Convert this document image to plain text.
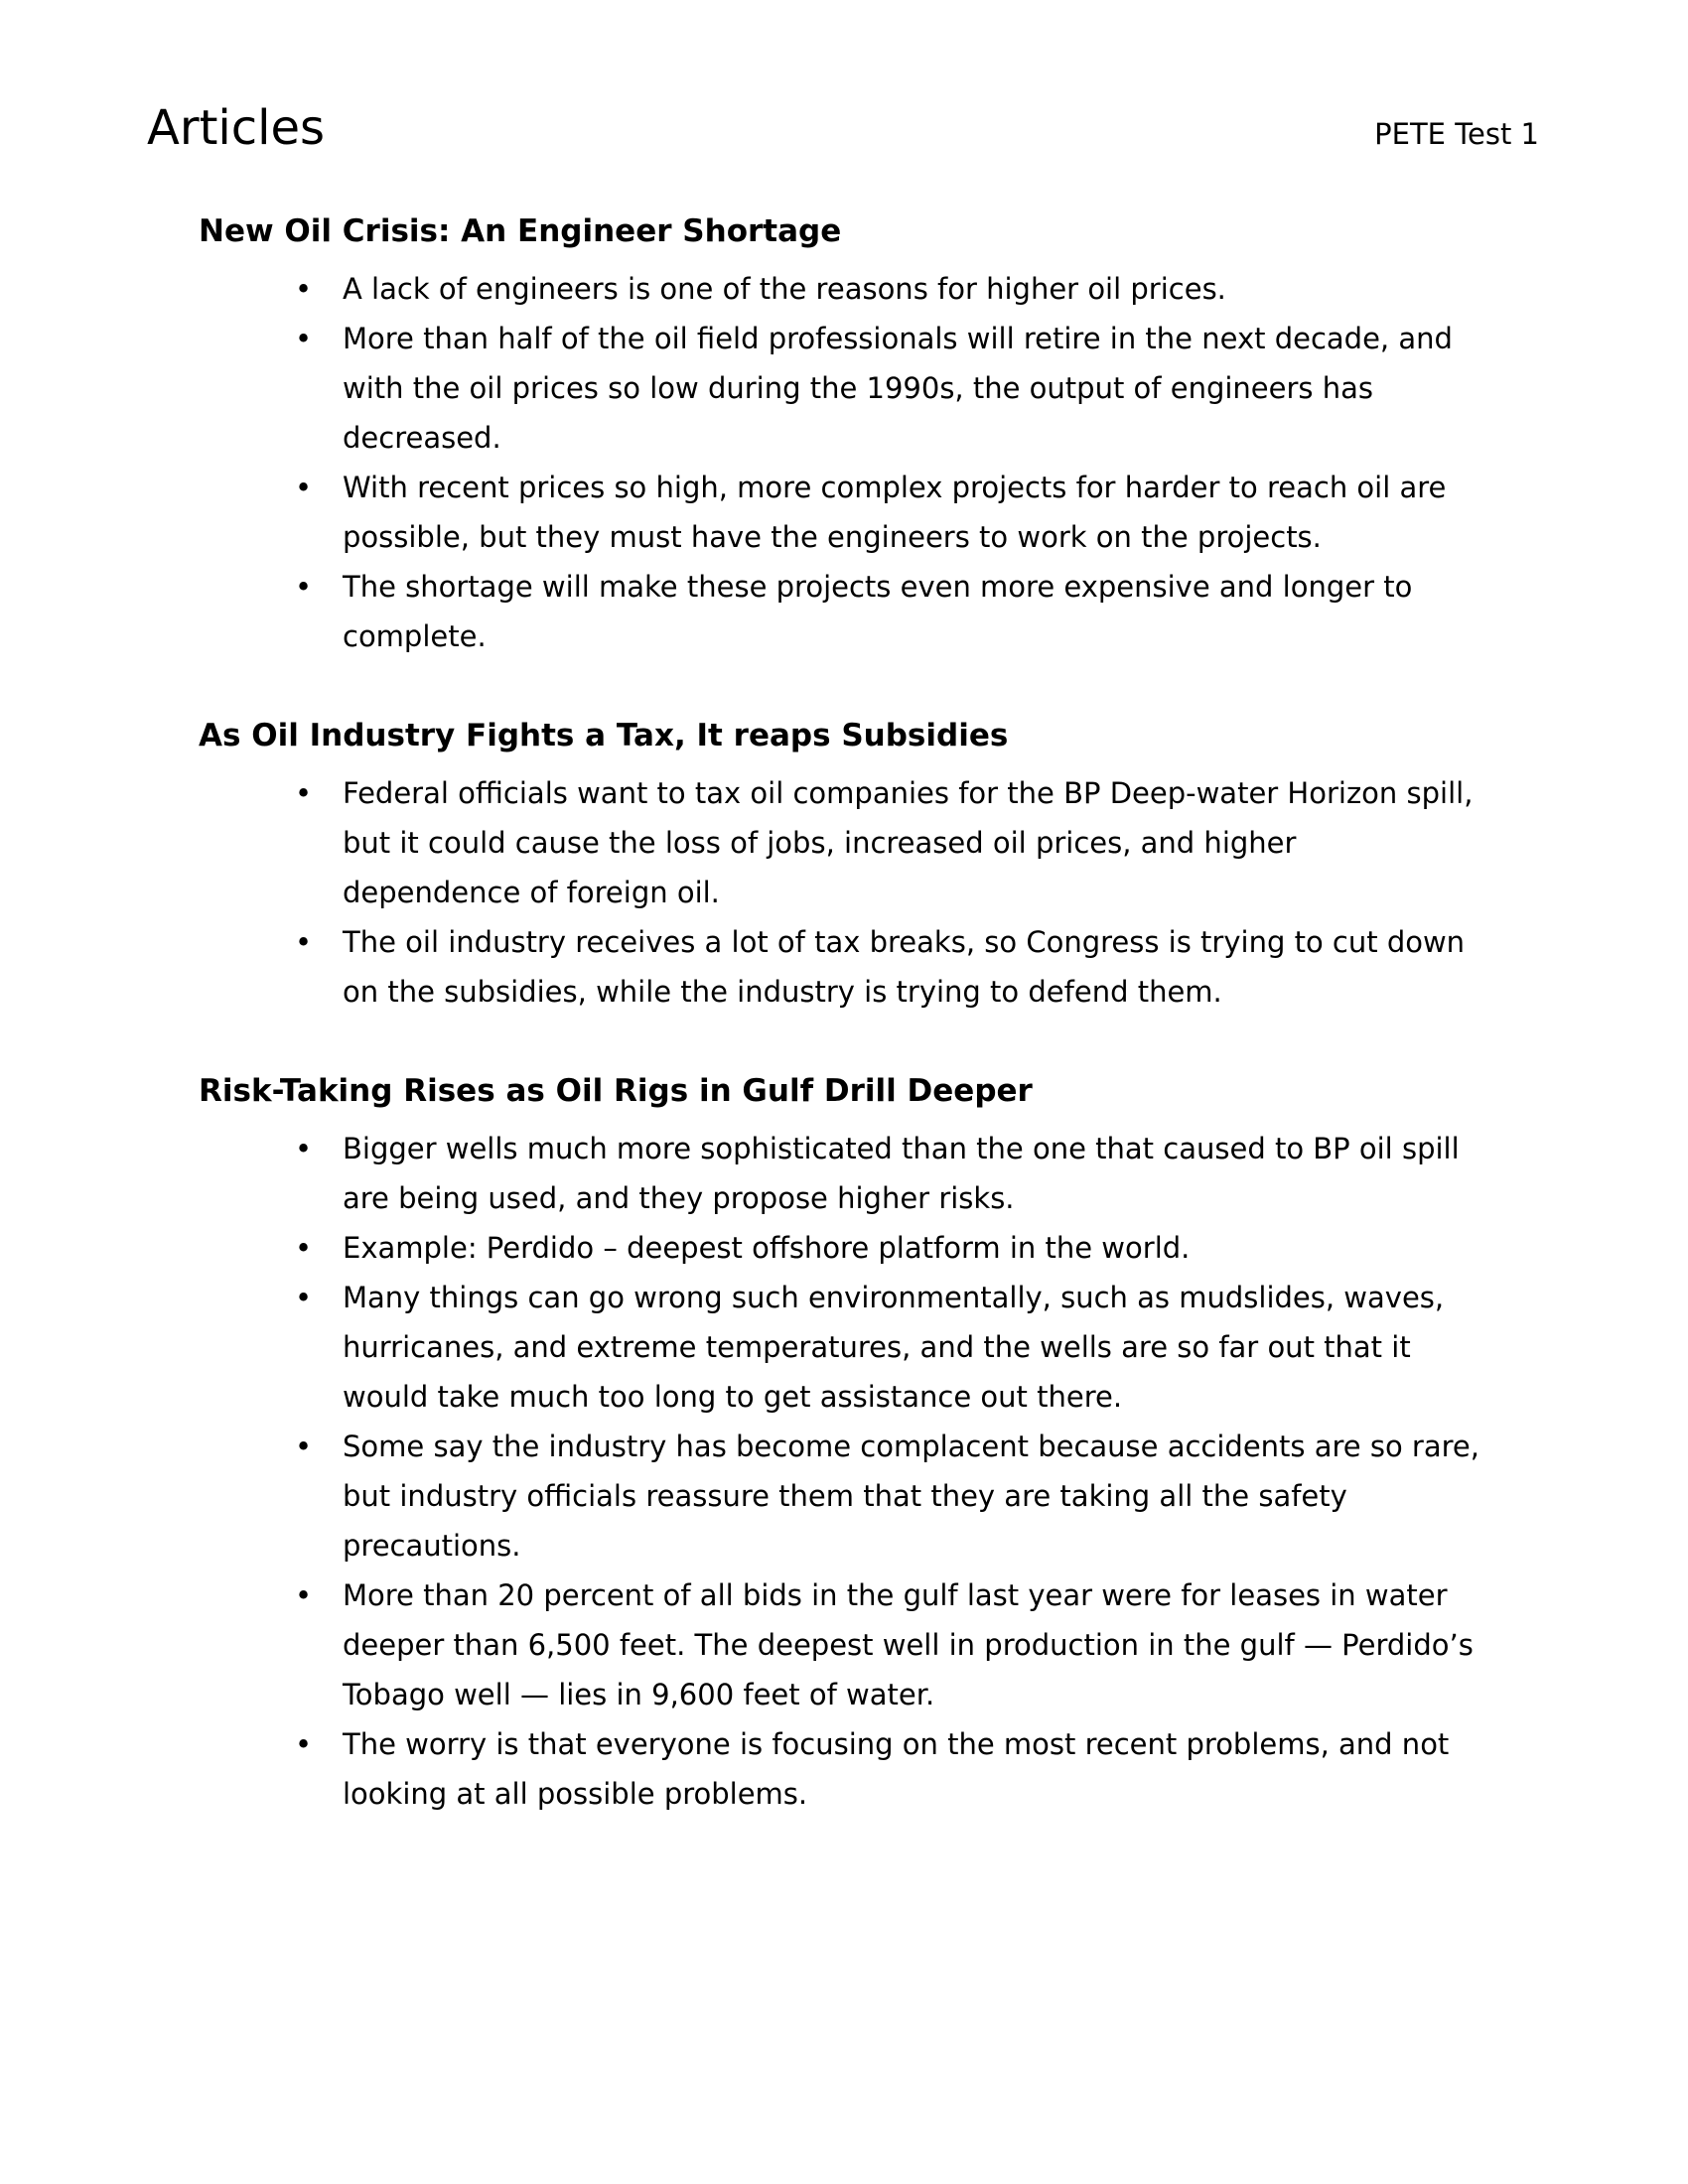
Articles	PETE Test 1
New Oil Crisis: An Engineer Shortage
• A lack of engineers is one of the reasons for higher oil prices.
• More than half of the oil field professionals will retire in the next decade, and with the oil prices so low during the 1990s, the output of engineers has decreased.
• With recent prices so high, more complex projects for harder to reach oil are possible, but they must have the engineers to work on the projects.
• The shortage will make these projects even more expensive and longer to complete.
As Oil Industry Fights a Tax, It reaps Subsidies
• Federal officials want to tax oil companies for the BP Deep-water Horizon spill, but it could cause the loss of jobs, increased oil prices, and higher dependence of foreign oil.
• The oil industry receives a lot of tax breaks, so Congress is trying to cut down on the subsidies, while the industry is trying to defend them.
Risk-Taking Rises as Oil Rigs in Gulf Drill Deeper
• Bigger wells much more sophisticated than the one that caused to BP oil spill are being used, and they propose higher risks.
• Example: Perdido – deepest offshore platform in the world.
• Many things can go wrong such environmentally, such as mudslides, waves, hurricanes, and extreme temperatures, and the wells are so far out that it would take much too long to get assistance out there.
• Some say the industry has become complacent because accidents are so rare, but industry officials reassure them that they are taking all the safety precautions.
• More than 20 percent of all bids in the gulf last year were for leases in water deeper than 6,500 feet. The deepest well in production in the gulf — Perdido’s Tobago well — lies in 9,600 feet of water.
• The worry is that everyone is focusing on the most recent problems, and not looking at all possible problems.
